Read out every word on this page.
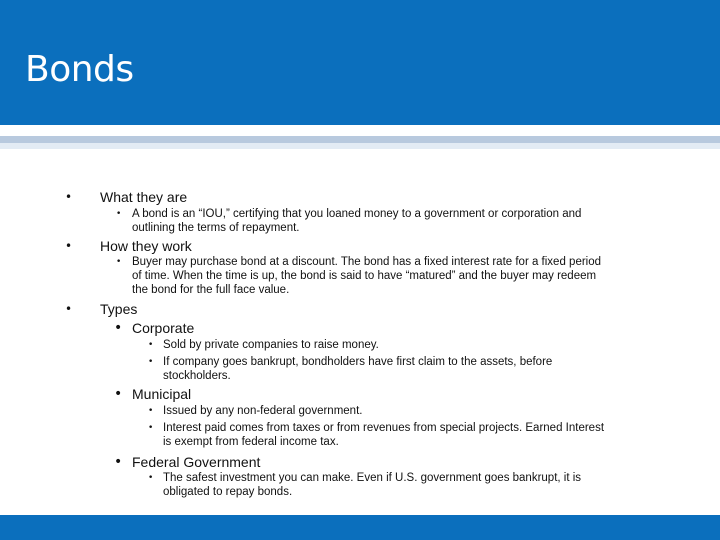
Bonds
• What they are
• A bond is an “IOU,” certifying that you loaned money to a government or corporation and
outlining the terms of repayment.
• How they work
• Buyer may purchase bond at a discount. The bond has a fixed interest rate for a fixed period
of time. When the time is up, the bond is said to have “matured” and the buyer may redeem
the bond for the full face value.
• Types
• Corporate
• Sold by private companies to raise money.
• If company goes bankrupt, bondholders have first claim to the assets, before
stockholders.
• Municipal
• Issued by any non-federal government.
• Interest paid comes from taxes or from revenues from special projects. Earned Interest
is exempt from federal income tax.
• Federal Government
• The safest investment you can make. Even if U.S. government goes bankrupt, it is
obligated to repay bonds.
